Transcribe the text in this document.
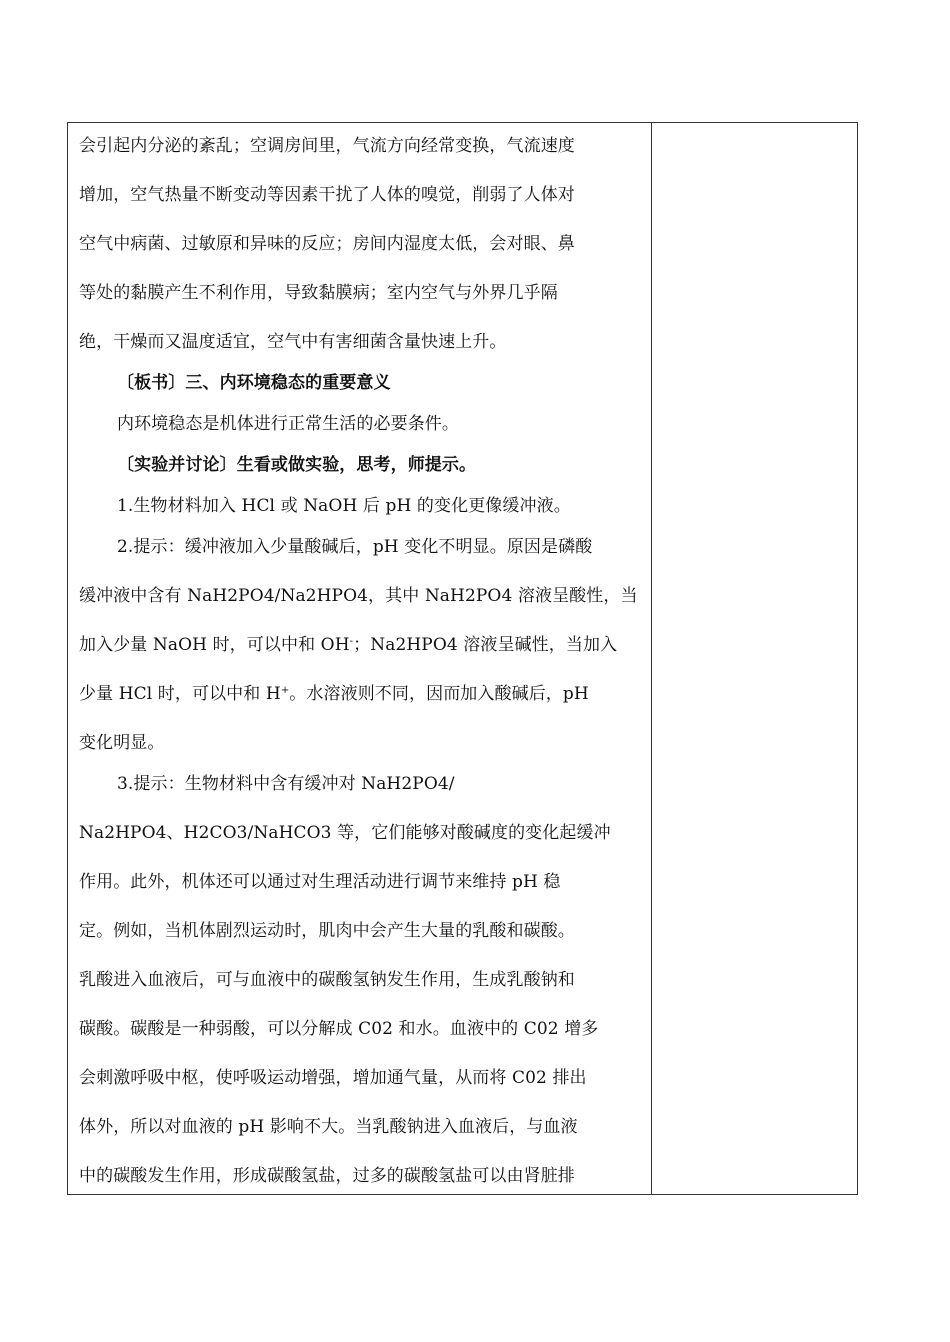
会引起内分泌的紊乱；空调房间里，气流方向经常变换，气流速度
增加，空气热量不断变动等因素干扰了人体的嗅觉，削弱了人体对
空气中病菌、过敏原和异味的反应；房间内湿度太低，会对眼、鼻
等处的黏膜产生不利作用，导致黏膜病；室内空气与外界几乎隔
绝，干燥而又温度适宜，空气中有害细菌含量快速上升。
〔板书〕三、内环境稳态的重要意义
内环境稳态是机体进行正常生活的必要条件。
〔实验并讨论〕生看或做实验，思考，师提示。
1.生物材料加入 HCl 或 NaOH 后 pH 的变化更像缓冲液。
2.提示：缓冲液加入少量酸碱后，pH 变化不明显。原因是磷酸
缓冲液中含有 NaH2PO4/Na2HPO4，其中 NaH2PO4 溶液呈酸性，当
加入少量 NaOH 时，可以中和 OH-；Na2HPO4 溶液呈碱性，当加入
少量 HCl 时，可以中和 H+。水溶液则不同，因而加入酸碱后，pH
变化明显。
3.提示：生物材料中含有缓冲对 NaH2PO4/
Na2HPO4、H2CO3/NaHCO3 等，它们能够对酸碱度的变化起缓冲
作用。此外，机体还可以通过对生理活动进行调节来维持 pH 稳
定。例如，当机体剧烈运动时，肌肉中会产生大量的乳酸和碳酸。
乳酸进入血液后，可与血液中的碳酸氢钠发生作用，生成乳酸钠和
碳酸。碳酸是一种弱酸，可以分解成 C02 和水。血液中的 C02 增多
会刺激呼吸中枢，使呼吸运动增强，增加通气量，从而将 C02 排出
体外，所以对血液的 pH 影响不大。当乳酸钠进入血液后，与血液
中的碳酸发生作用，形成碳酸氢盐，过多的碳酸氢盐可以由肾脏排
